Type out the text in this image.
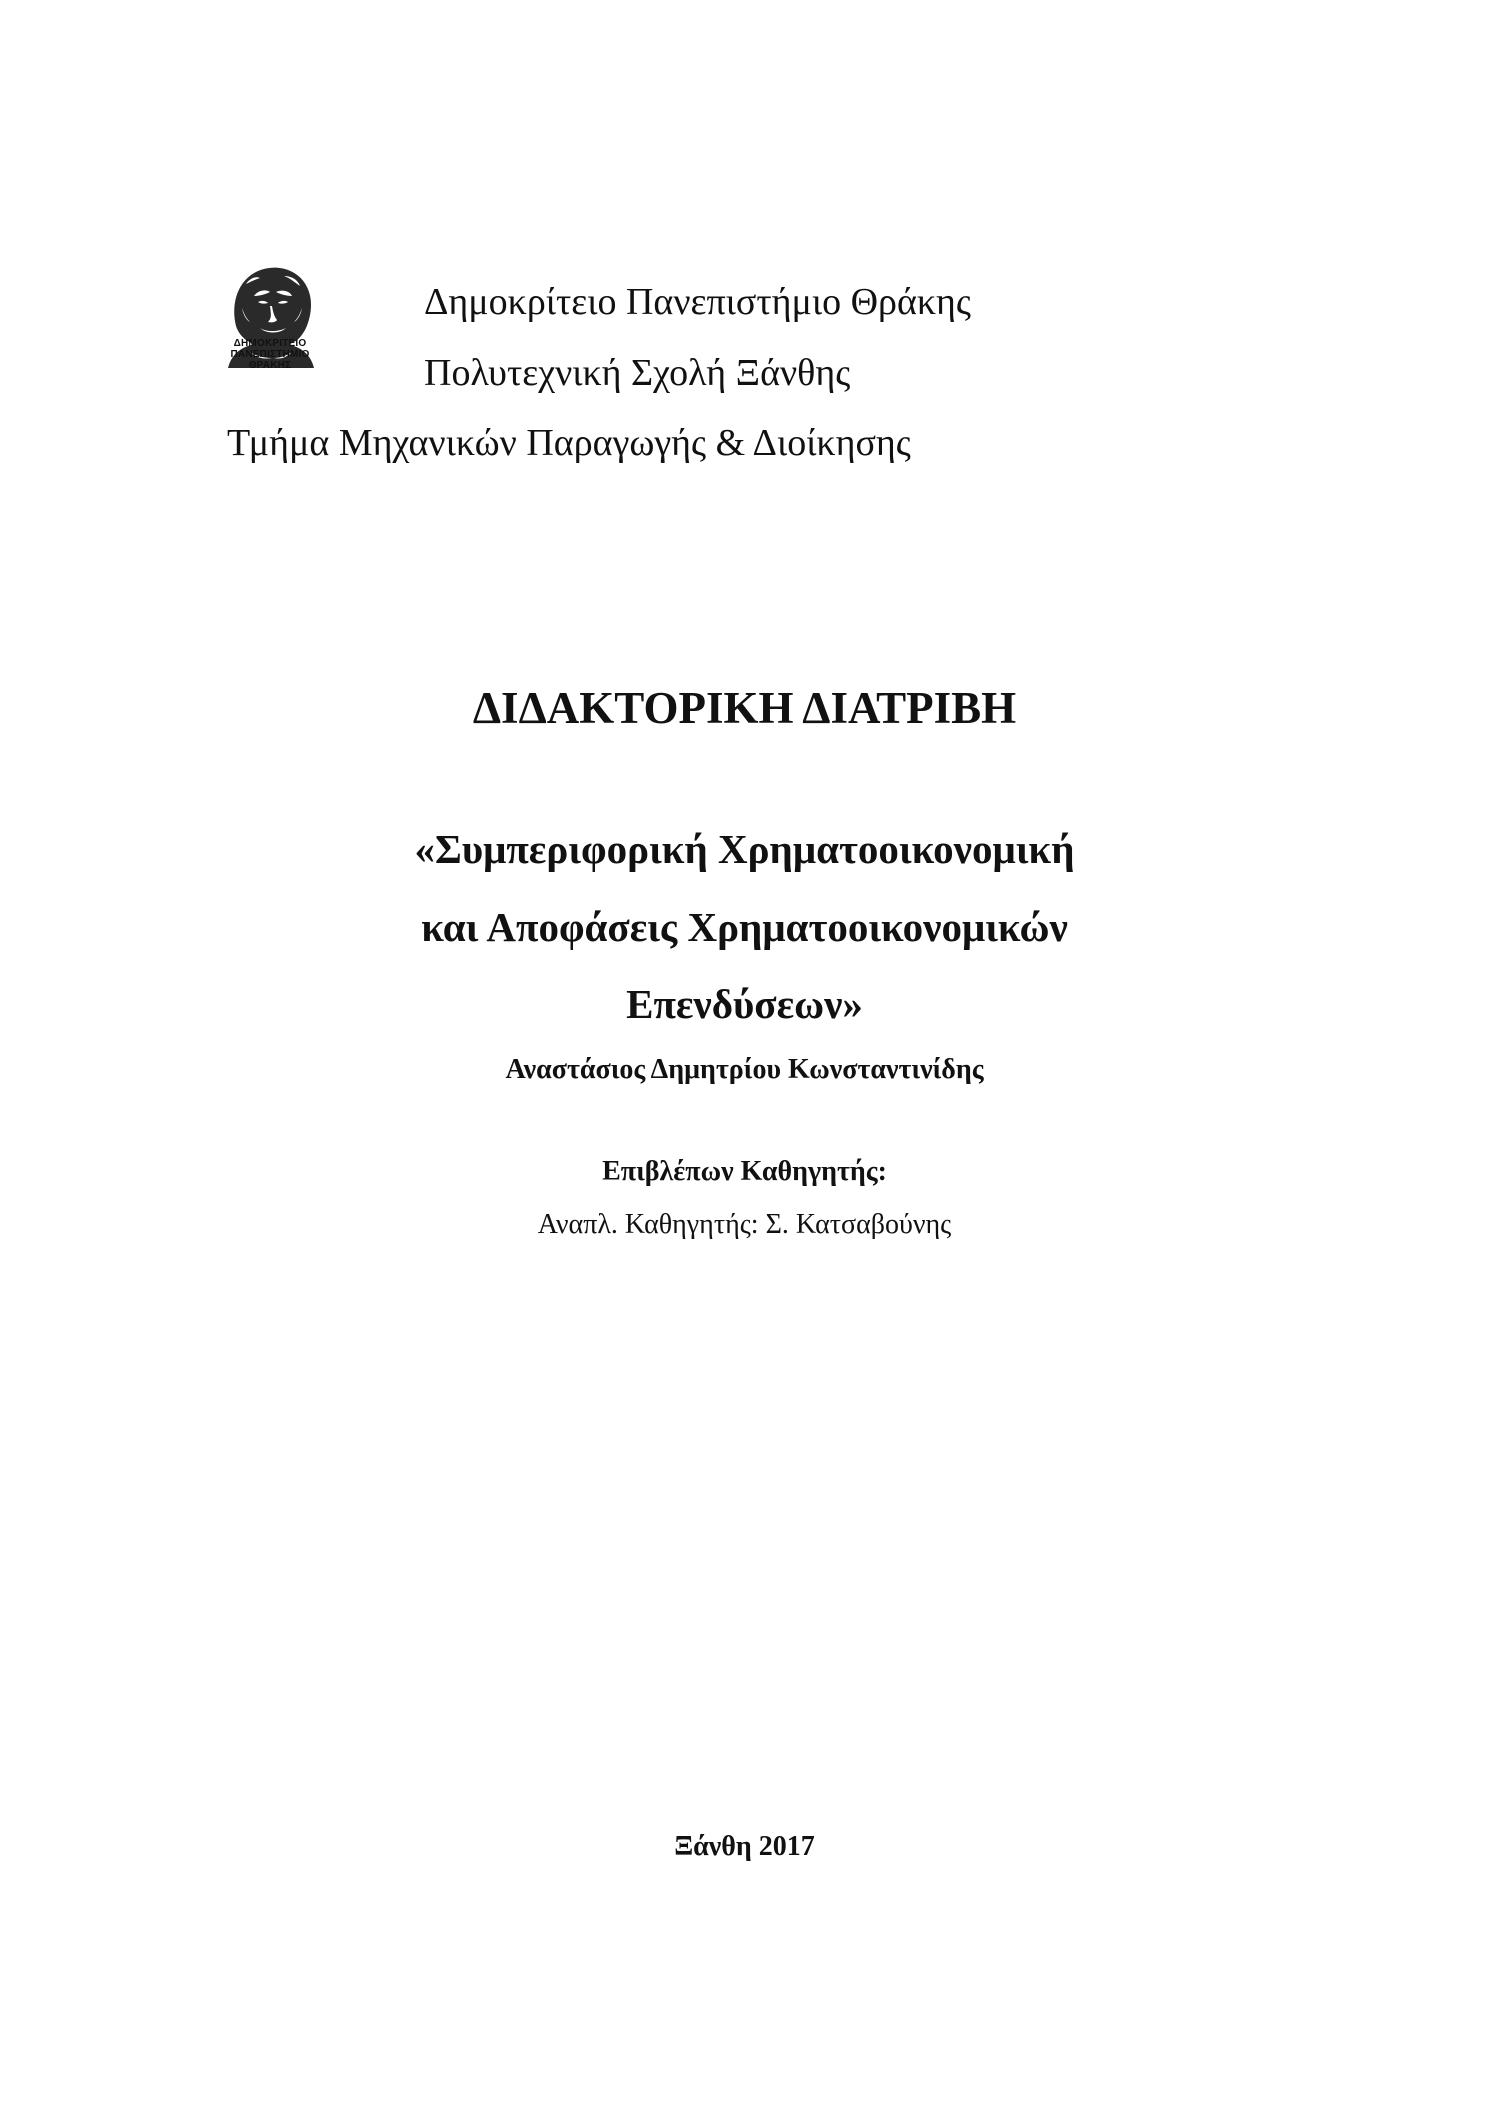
ΔΗΜΟΚΡΙΤΕΙΟ
ΠΑΝΕΠΙΣΤΗΜΙΟ
ΘΡΑΚΗΣ
Δημοκρίτειο Πανεπιστήμιο Θράκης
Πολυτεχνική Σχολή Ξάνθης
Τμήμα Μηχανικών Παραγωγής & Διοίκησης
ΔΙΔΑΚΤΟΡΙΚΗ ΔΙΑΤΡΙΒΗ
«Συμπεριφορική Χρηματοοικονομική
και Αποφάσεις Χρηματοοικονομικών
Επενδύσεων»
Αναστάσιος Δημητρίου Κωνσταντινίδης
Επιβλέπων Καθηγητής:
Αναπλ. Καθηγητής: Σ. Κατσαβούνης
Ξάνθη 2017
